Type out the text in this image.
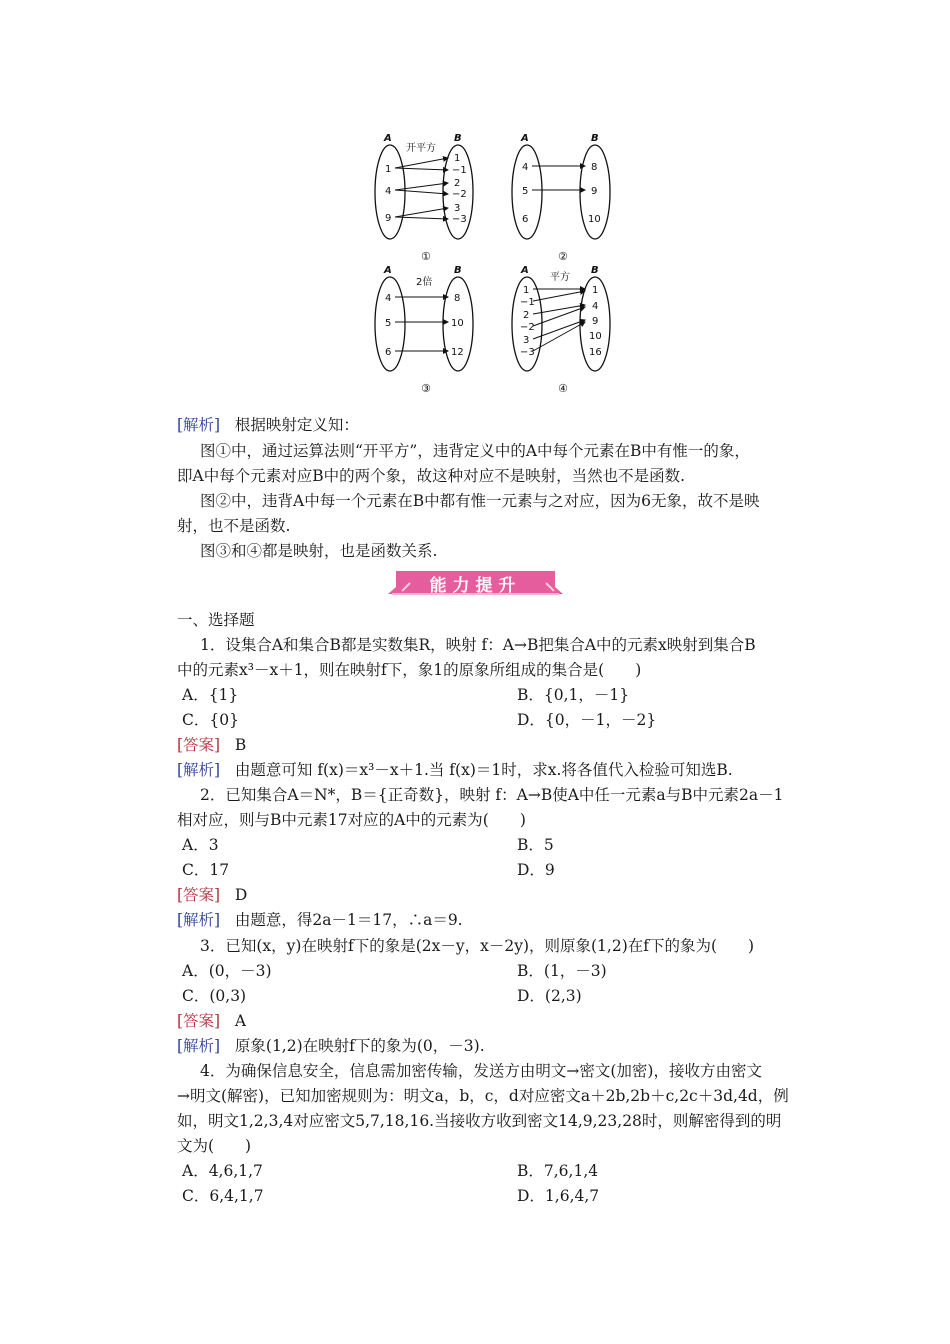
A	B
开平方
1
4
9
1
−1
2
−2
3
−3
①
A	B
4
5
6
8
9
10
②
A	B
2倍
4
5
6
8
10
12
③
A	B
平方
1
−1
2
−2
3
−3
1
4
9
10
16
④
[解析] 根据映射定义知：
图①中，通过运算法则“开平方”，违背定义中的A中每个元素在B中有惟一的象，
即A中每个元素对应B中的两个象，故这种对应不是映射，当然也不是函数.
图②中，违背A中每一个元素在B中都有惟一元素与之对应，因为6无象，故不是映
射，也不是函数.
图③和④都是映射，也是函数关系.
能力提升
一、选择题
1．设集合A和集合B都是实数集R，映射 f：A→B把集合A中的元素x映射到集合B
中的元素x³－x＋1，则在映射f下，象1的原象所组成的集合是(　　)
A．{1}	B．{0,1，－1}
C．{0}	D．{0，－1，－2}
[答案] B
[解析] 由题意可知 f(x)＝x³－x＋1.当 f(x)＝1时，求x.将各值代入检验可知选B.
2．已知集合A＝N*，B＝{正奇数}，映射 f：A→B使A中任一元素a与B中元素2a－1
相对应，则与B中元素17对应的A中的元素为(　　)
A．3	B．5
C．17	D．9
[答案] D
[解析] 由题意，得2a－1＝17，∴a＝9.
3．已知(x，y)在映射f下的象是(2x－y，x－2y)，则原象(1,2)在f下的象为(　　)
A．(0，－3)	B．(1，－3)
C．(0,3)	D．(2,3)
[答案] A
[解析] 原象(1,2)在映射f下的象为(0，－3).
4．为确保信息安全，信息需加密传输，发送方由明文→密文(加密)，接收方由密文
→明文(解密)，已知加密规则为：明文a，b，c，d对应密文a＋2b,2b＋c,2c＋3d,4d，例
如，明文1,2,3,4对应密文5,7,18,16.当接收方收到密文14,9,23,28时，则解密得到的明
文为(　　)
A．4,6,1,7	B．7,6,1,4
C．6,4,1,7	D．1,6,4,7
